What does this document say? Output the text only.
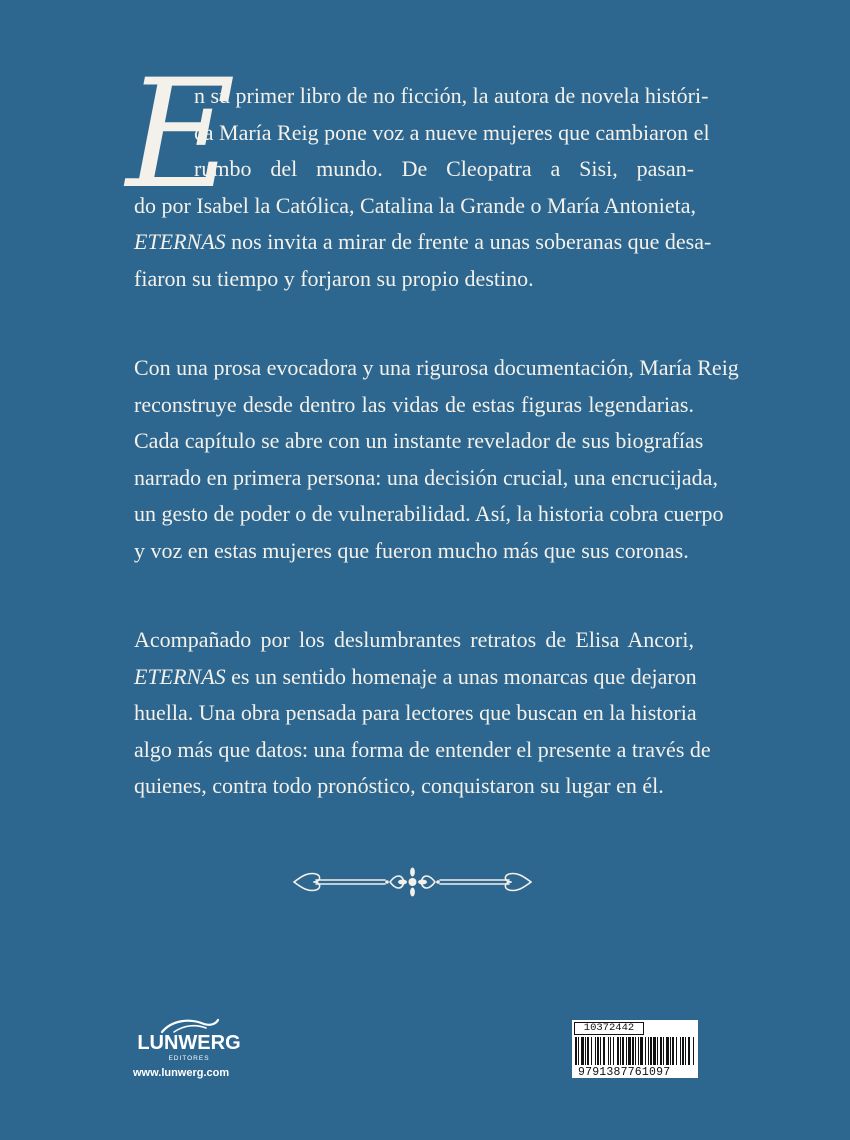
E
n su primer libro de no ficción, la autora de novela históri-
ca María Reig pone voz a nueve mujeres que cambiaron el
rumbo del mundo. De Cleopatra a Sisi, pasan-
do por Isabel la Católica, Catalina la Grande o María Antonieta,
ETERNAS nos invita a mirar de frente a unas soberanas que desa-
fiaron su tiempo y forjaron su propio destino.
Con una prosa evocadora y una rigurosa documentación, María Reig
reconstruye desde dentro las vidas de estas figuras legendarias.
Cada capítulo se abre con un instante revelador de sus biografías
narrado en primera persona: una decisión crucial, una encrucijada,
un gesto de poder o de vulnerabilidad. Así, la historia cobra cuerpo
y voz en estas mujeres que fueron mucho más que sus coronas.
Acompañado por los deslumbrantes retratos de Elisa Ancori,
ETERNAS es un sentido homenaje a unas monarcas que dejaron
huella. Una obra pensada para lectores que buscan en la historia
algo más que datos: una forma de entender el presente a través de
quienes, contra todo pronóstico, conquistaron su lugar en él.
LUNWERG
EDITORES
www.lunwerg.com
10372442
9791387761097
